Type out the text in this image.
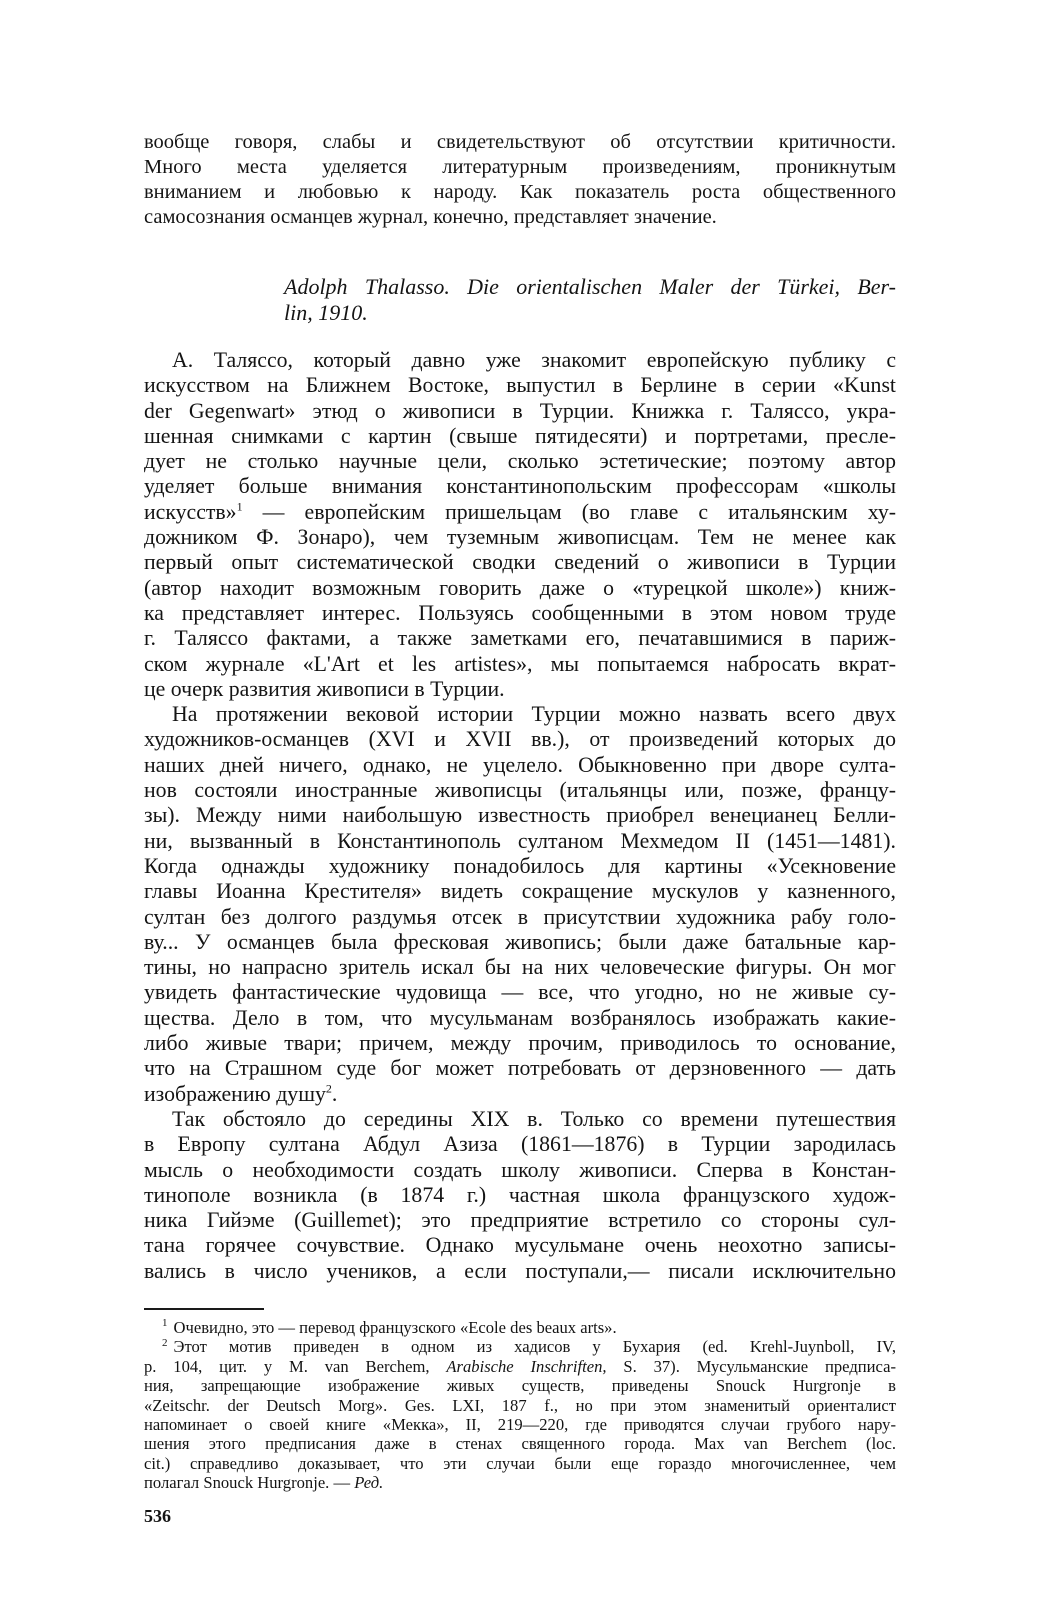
вообще говоря, слабы и свидетельствуют об отсутствии критичности.
Много места уделяется литературным произведениям, проникнутым
вниманием и любовью к народу. Как показатель роста общественного
самосознания османцев журнал, конечно, представляет значение.
Adolph Thalasso. Die orientalischen Maler der Türkei, Ber-
lin, 1910.
А. Таляссо, который давно уже знакомит европейскую публику с
искусством на Ближнем Востоке, выпустил в Берлине в серии «Kunst
der Gegenwart» этюд о живописи в Турции. Книжка г. Таляссо, укра-
шенная снимками с картин (свыше пятидесяти) и портретами, пресле-
дует не столько научные цели, сколько эстетические; поэтому автор
уделяет больше внимания константинопольским профессорам «школы
искусств»$^1$ — европейским пришельцам (во главе с итальянским ху-
дожником Ф. Зонаро), чем туземным живописцам. Тем не менее как
первый опыт систематической сводки сведений о живописи в Турции
(автор находит возможным говорить даже о «турецкой школе») книж-
ка представляет интерес. Пользуясь сообщенными в этом новом труде
г. Таляссо фактами, а также заметками его, печатавшимися в париж-
ском журнале «L'Art et les artistes», мы попытаемся набросать вкрат-
це очерк развития живописи в Турции.
На протяжении вековой истории Турции можно назвать всего двух
художников-османцев (XVI и XVII вв.), от произведений которых до
наших дней ничего, однако, не уцелело. Обыкновенно при дворе султа-
нов состояли иностранные живописцы (итальянцы или, позже, францу-
зы). Между ними наибольшую известность приобрел венецианец Белли-
ни, вызванный в Константинополь султаном Мехмедом II (1451—1481).
Когда однажды художнику понадобилось для картины «Усекновение
главы Иоанна Крестителя» видеть сокращение мускулов у казненного,
султан без долгого раздумья отсек в присутствии художника рабу голо-
ву... У османцев была фресковая живопись; были даже батальные кар-
тины, но напрасно зритель искал бы на них человеческие фигуры. Он мог
увидеть фантастические чудовища — все, что угодно, но не живые су-
щества. Дело в том, что мусульманам возбранялось изображать какие-
либо живые твари; причем, между прочим, приводилось то основание,
что на Страшном суде бог может потребовать от дерзновенного — дать
изображению душу$^2$.
Так обстояло до середины XIX в. Только со времени путешествия
в Европу султана Абдул Азиза (1861—1876) в Турции зародилась
мысль о необходимости создать школу живописи. Сперва в Констан-
тинополе возникла (в 1874 г.) частная школа французского худож-
ника Гийэме (Guillemet); это предприятие встретило со стороны сул-
тана горячее сочувствие. Однако мусульмане очень неохотно записы-
вались в число учеников, а если поступали,— писали исключительно
$^1$ Очевидно, это — перевод французского «Ecole des beaux arts».
$^2$ Этот мотив приведен в одном из хадисов у Бухария (ed. Krehl-Juynboll, IV,
p. 104, цит. у M. van Berchem, Arabische Inschriften, S. 37). Мусульманские предписа-
ния, запрещающие изображение живых существ, приведены Snouck Hurgronje в
«Zeitschr. der Deutsch Morg». Ges. LXI, 187 f., но при этом знаменитый ориенталист
напоминает о своей книге «Мекка», II, 219—220, где приводятся случаи грубого нару-
шения этого предписания даже в стенах священного города. Max van Berchem (loc.
cit.) справедливо доказывает, что эти случаи были еще гораздо многочисленнее, чем
полагал Snouck Hurgronje. — Ред.
536
